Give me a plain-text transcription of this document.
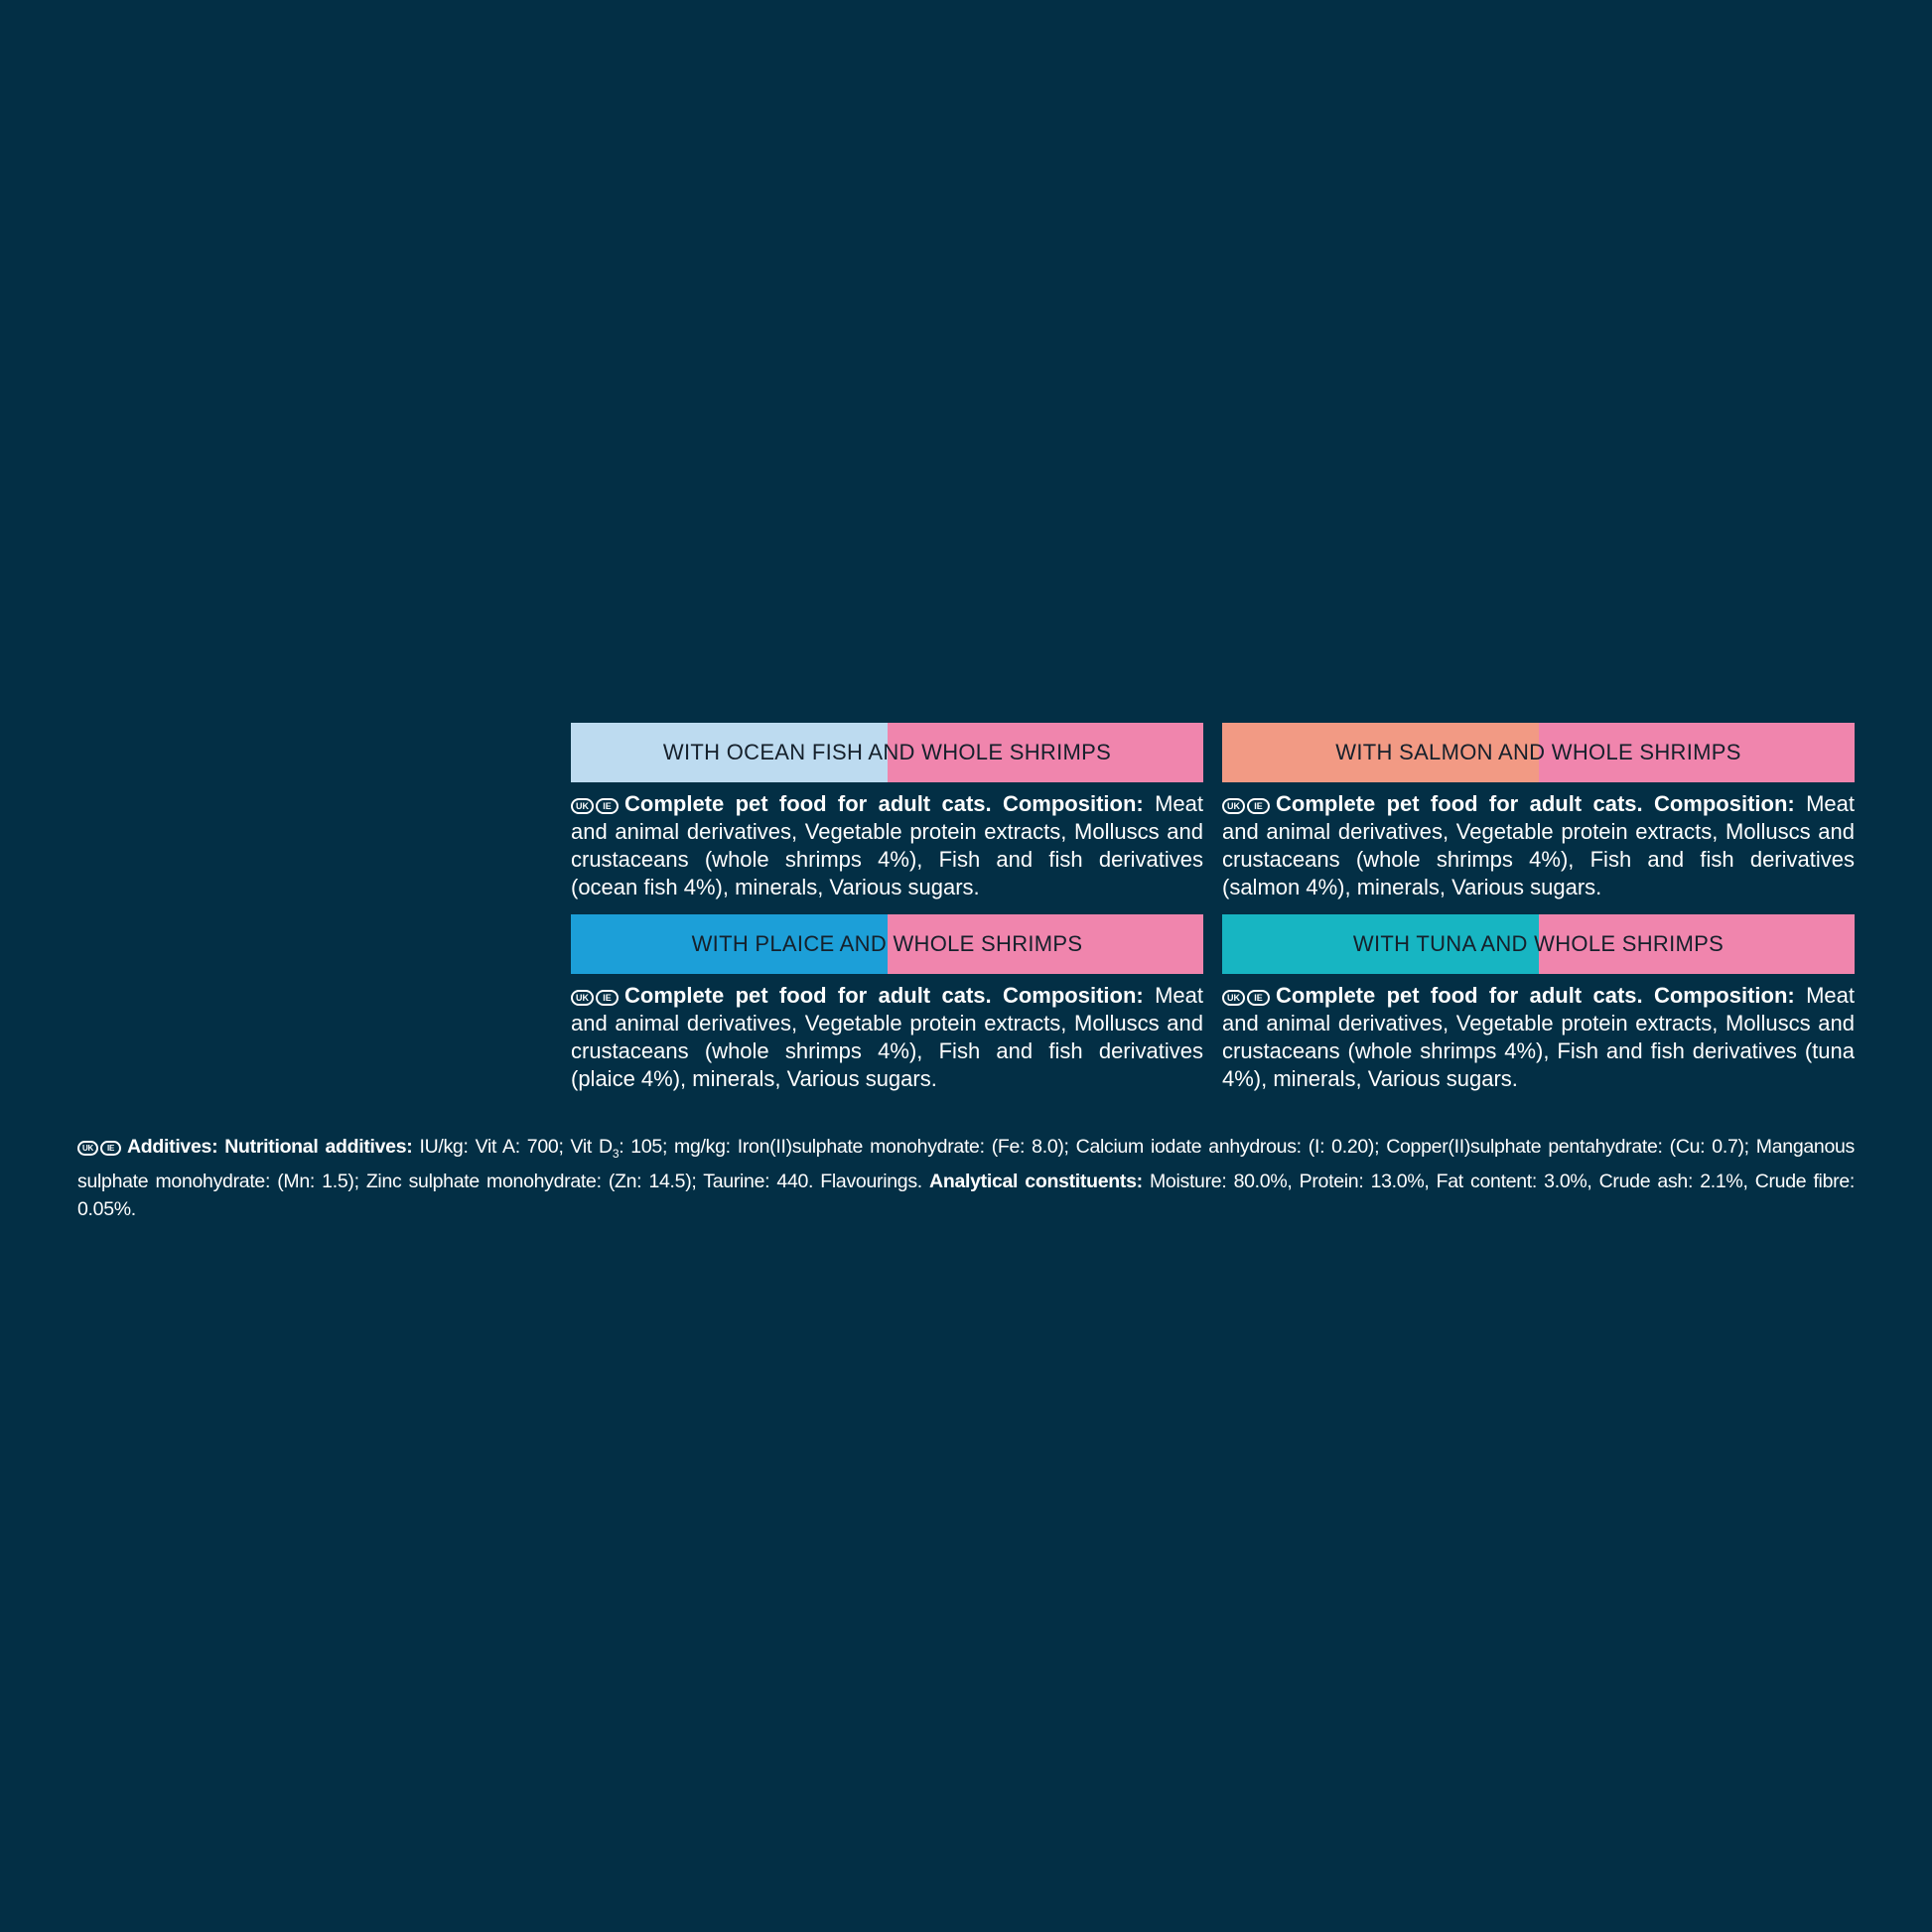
WITH OCEAN FISH AND WHOLE SHRIMPS
UK IE Complete pet food for adult cats. Composition: Meat and animal derivatives, Vegetable protein extracts, Molluscs and crustaceans (whole shrimps 4%), Fish and fish derivatives (ocean fish 4%), minerals, Various sugars.
WITH SALMON AND WHOLE SHRIMPS
UK IE Complete pet food for adult cats. Composition: Meat and animal derivatives, Vegetable protein extracts, Molluscs and crustaceans (whole shrimps 4%), Fish and fish derivatives (salmon 4%), minerals, Various sugars.
WITH PLAICE AND WHOLE SHRIMPS
UK IE Complete pet food for adult cats. Composition: Meat and animal derivatives, Vegetable protein extracts, Molluscs and crustaceans (whole shrimps 4%), Fish and fish derivatives (plaice 4%), minerals, Various sugars.
WITH TUNA AND WHOLE SHRIMPS
UK IE Complete pet food for adult cats. Composition: Meat and animal derivatives, Vegetable protein extracts, Molluscs and crustaceans (whole shrimps 4%), Fish and fish derivatives (tuna 4%), minerals, Various sugars.
UK IE Additives: Nutritional additives: IU/kg: Vit A: 700; Vit $D_3$: 105; mg/kg: Iron(II)sulphate monohydrate: (Fe: 8.0); Calcium iodate anhydrous: (I: 0.20); Copper(II)sulphate pentahydrate: (Cu: 0.7); Manganous sulphate monohydrate: (Mn: 1.5); Zinc sulphate monohydrate: (Zn: 14.5); Taurine: 440. Flavourings. Analytical constituents: Moisture: 80.0%, Protein: 13.0%, Fat content: 3.0%, Crude ash: 2.1%, Crude fibre: 0.05%.
